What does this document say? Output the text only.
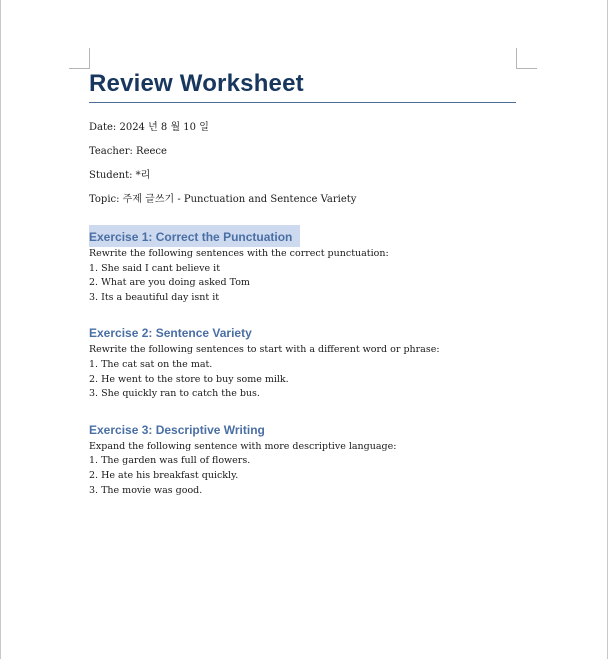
Review Worksheet

Date: 2024 년 8 월 10 일

Teacher: Reece

Student: *리

Topic: 주제 글쓰기 - Punctuation and Sentence Variety

Exercise 1: Correct the Punctuation

Rewrite the following sentences with the correct punctuation:

1. She said I cant believe it

2. What are you doing asked Tom

3. Its a beautiful day isnt it

Exercise 2: Sentence Variety

Rewrite the following sentences to start with a different word or phrase:

1. The cat sat on the mat.

2. He went to the store to buy some milk.

3. She quickly ran to catch the bus.

Exercise 3: Descriptive Writing

Expand the following sentence with more descriptive language:

1. The garden was full of flowers.

2. He ate his breakfast quickly.

3. The movie was good.
